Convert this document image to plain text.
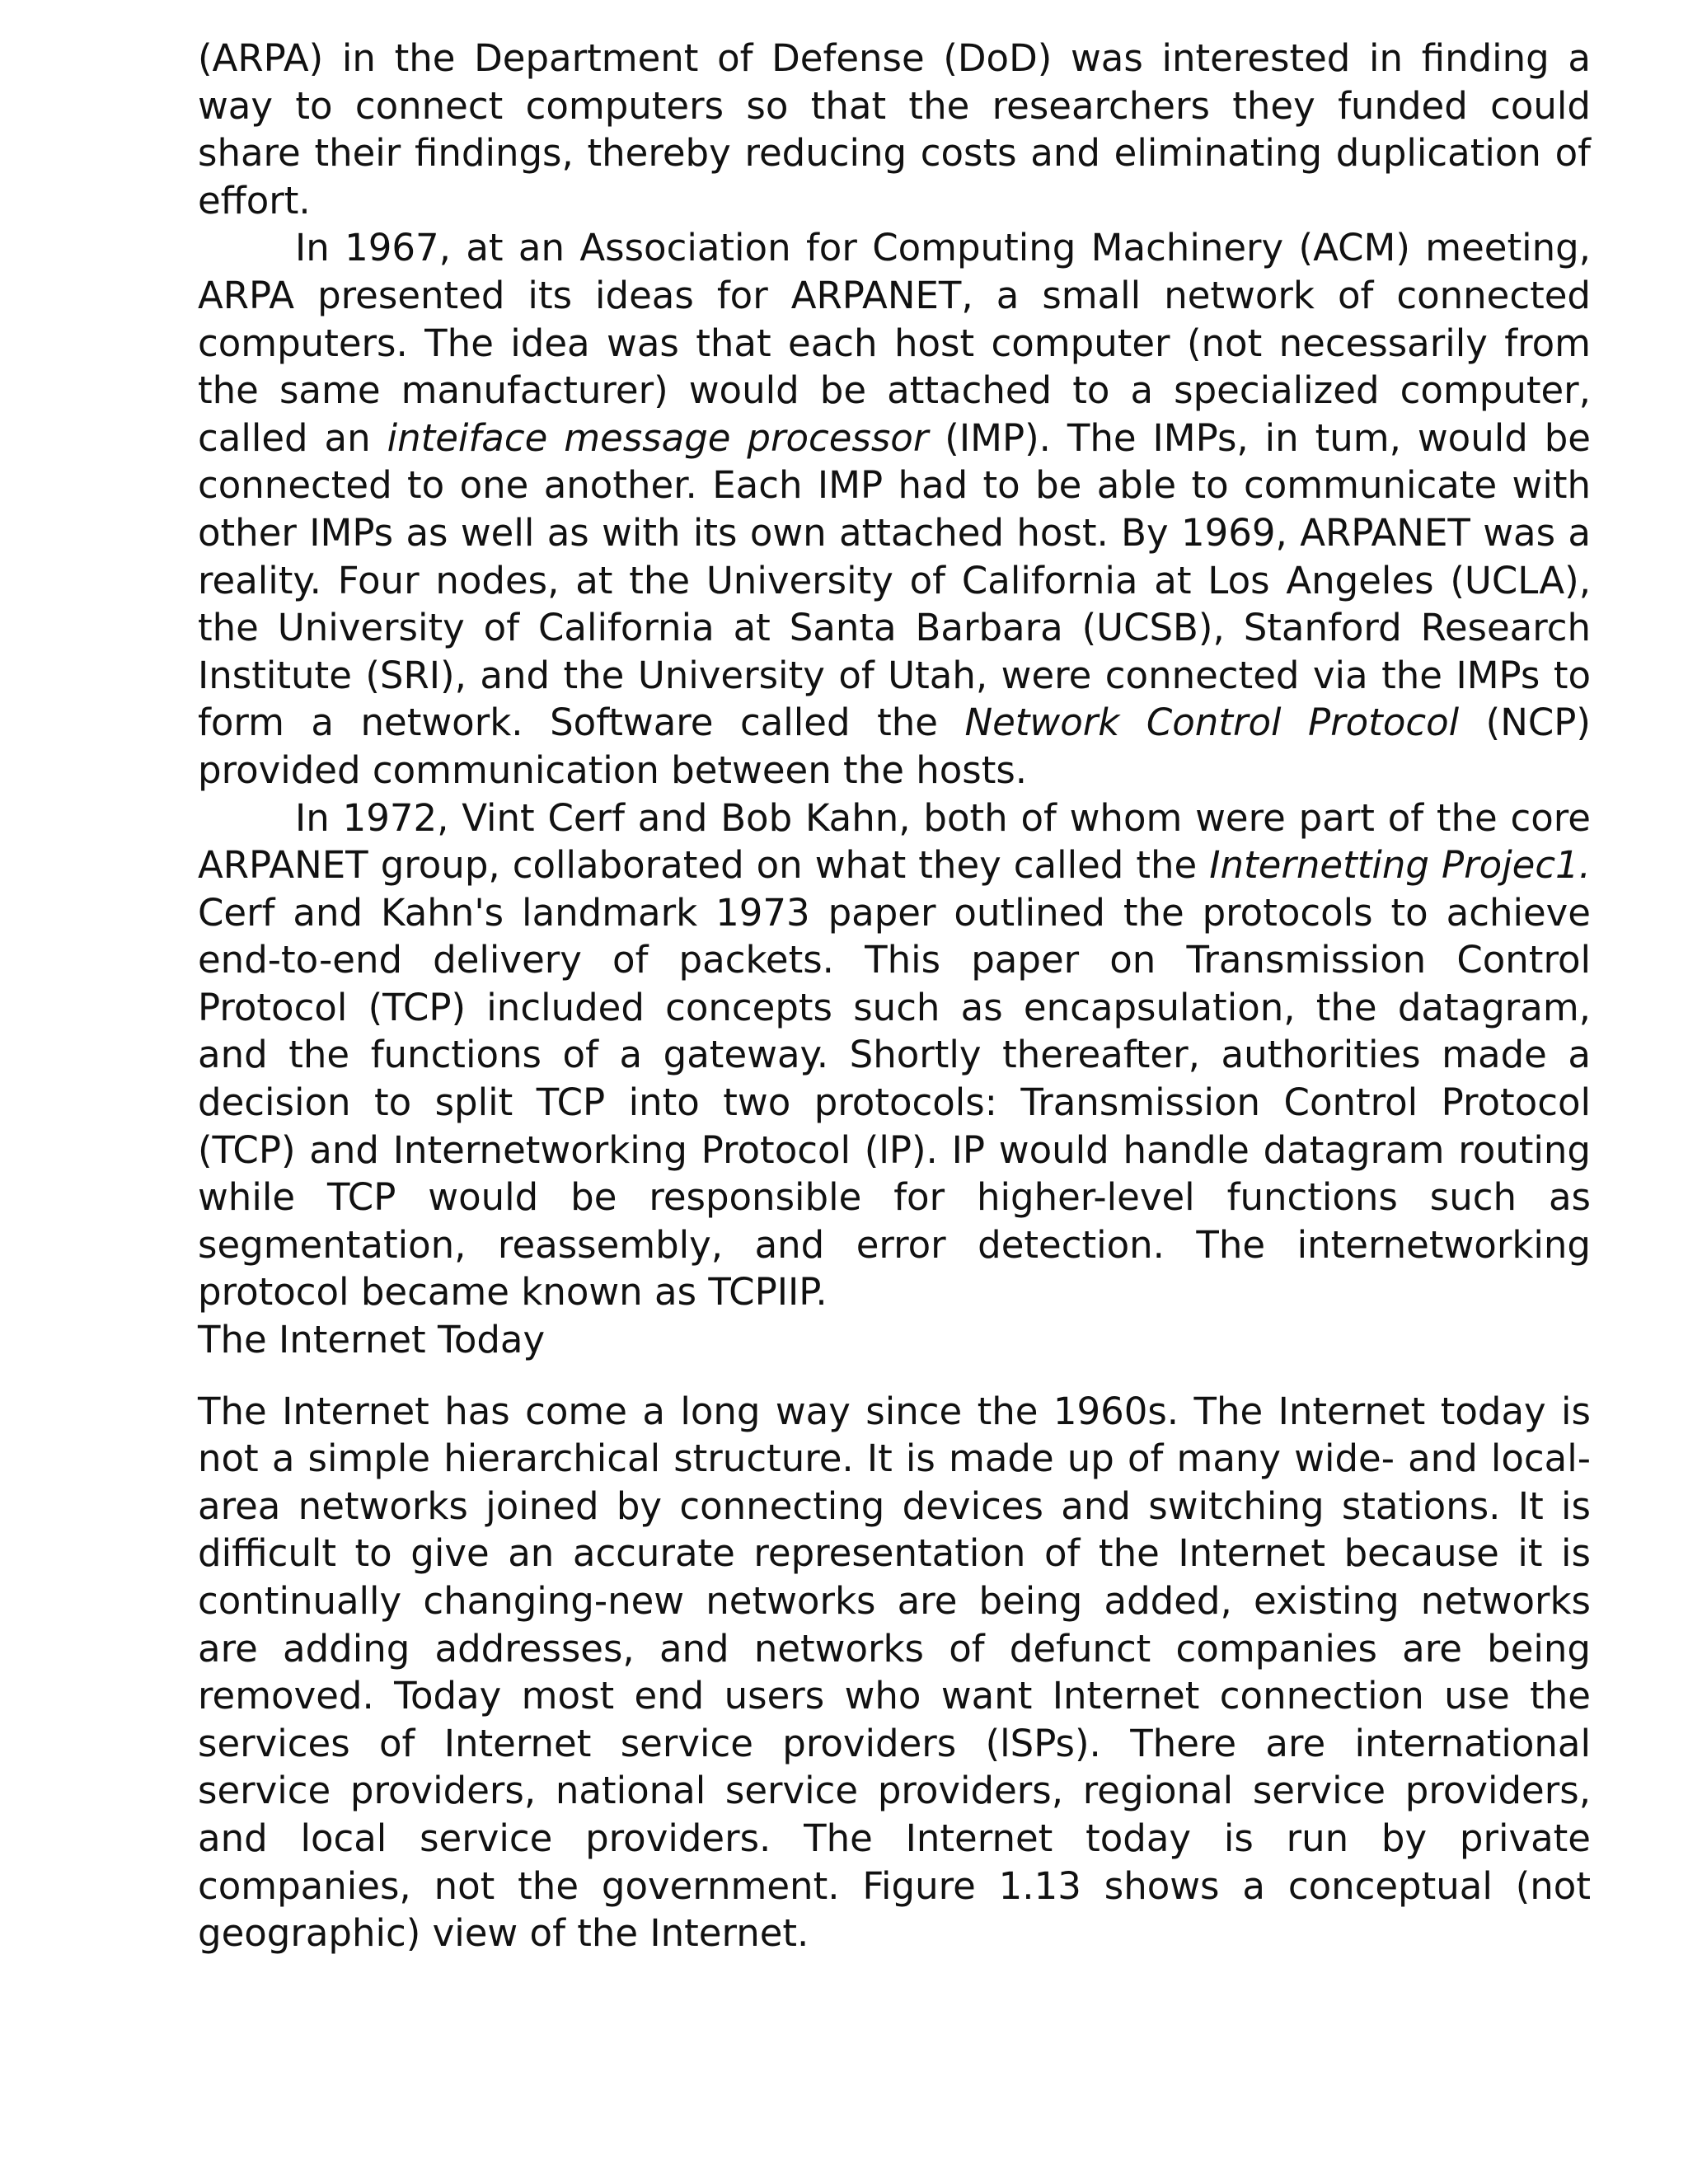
(ARPA) in the Department of Defense (DoD) was interested in finding a way to connect computers so that the researchers they funded could share their findings, thereby reducing costs and eliminating duplication of effort.

In 1967, at an Association for Computing Machinery (ACM) meeting, ARPA presented its ideas for ARPANET, a small network of connected computers. The idea was that each host computer (not necessarily from the same manufacturer) would be attached to a specialized computer, called an inteiface message processor (IMP). The IMPs, in tum, would be connected to one another. Each IMP had to be able to communicate with other IMPs as well as with its own attached host. By 1969, ARPANET was a reality. Four nodes, at the University of California at Los Angeles (UCLA), the University of California at Santa Barbara (UCSB), Stanford Research Institute (SRI), and the University of Utah, were connected via the IMPs to form a network. Software called the Network Control Protocol (NCP) provided communication between the hosts.

In 1972, Vint Cerf and Bob Kahn, both of whom were part of the core ARPANET group, collaborated on what they called the Internetting Projec1. Cerf and Kahn's landmark 1973 paper outlined the protocols to achieve end-to-end delivery of packets. This paper on Transmission Control Protocol (TCP) included concepts such as encapsulation, the datagram, and the functions of a gateway. Shortly thereafter, authorities made a decision to split TCP into two protocols: Transmission Control Protocol (TCP) and Internetworking Protocol (lP). IP would handle datagram routing while TCP would be responsible for higher-level functions such as segmentation, reassembly, and error detection. The internetworking protocol became known as TCPIIP.

The Internet Today

The Internet has come a long way since the 1960s. The Internet today is not a simple hierarchical structure. It is made up of many wide- and local-area networks joined by connecting devices and switching stations. It is difficult to give an accurate representation of the Internet because it is continually changing-new networks are being added, existing networks are adding addresses, and networks of defunct companies are being removed. Today most end users who want Internet connection use the services of Internet service providers (lSPs). There are international service providers, national service providers, regional service providers, and local service providers. The Internet today is run by private companies, not the government. Figure 1.13 shows a conceptual (not geographic) view of the Internet.
